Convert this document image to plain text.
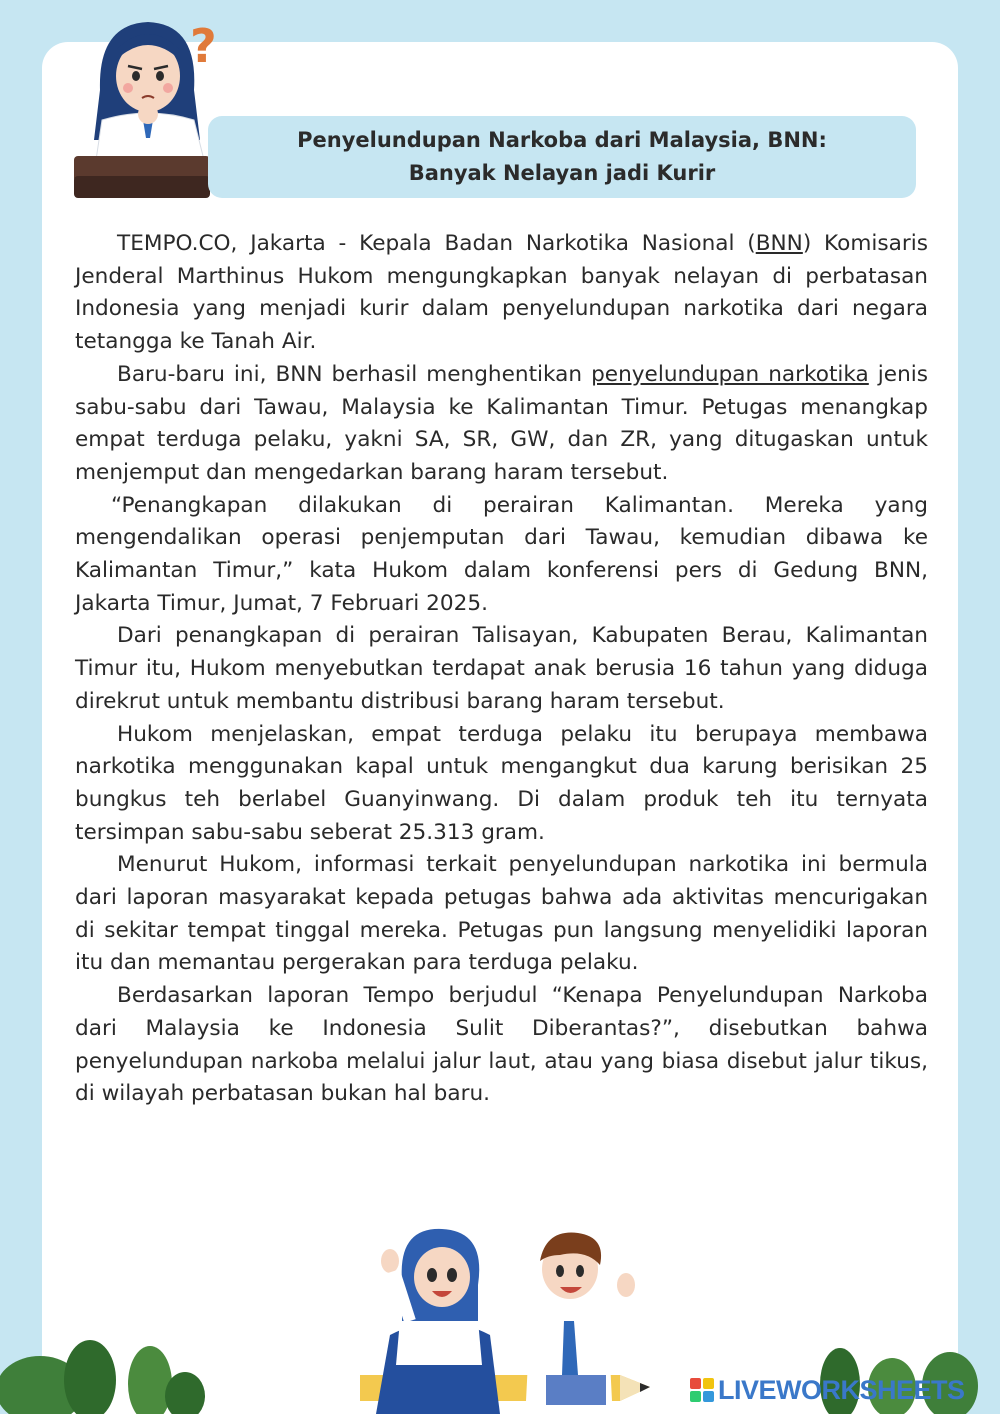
?
Penyelundupan Narkoba dari Malaysia, BNN:
Banyak Nelayan jadi Kurir

TEMPO.CO, Jakarta - Kepala Badan Narkotika Nasional (BNN) Komisaris Jenderal Marthinus Hukom mengungkapkan banyak nelayan di perbatasan Indonesia yang menjadi kurir dalam penyelundupan narkotika dari negara tetangga ke Tanah Air.

Baru-baru ini, BNN berhasil menghentikan penyelundupan narkotika jenis sabu-sabu dari Tawau, Malaysia ke Kalimantan Timur. Petugas menangkap empat terduga pelaku, yakni SA, SR, GW, dan ZR, yang ditugaskan untuk menjemput dan mengedarkan barang haram tersebut.

“Penangkapan dilakukan di perairan Kalimantan. Mereka yang mengendalikan operasi penjemputan dari Tawau, kemudian dibawa ke Kalimantan Timur,” kata Hukom dalam konferensi pers di Gedung BNN, Jakarta Timur, Jumat, 7 Februari 2025.

Dari penangkapan di perairan Talisayan, Kabupaten Berau, Kalimantan Timur itu, Hukom menyebutkan terdapat anak berusia 16 tahun yang diduga direkrut untuk membantu distribusi barang haram tersebut.

Hukom menjelaskan, empat terduga pelaku itu berupaya membawa narkotika menggunakan kapal untuk mengangkut dua karung berisikan 25 bungkus teh berlabel Guanyinwang. Di dalam produk teh itu ternyata tersimpan sabu-sabu seberat 25.313 gram.

Menurut Hukom, informasi terkait penyelundupan narkotika ini bermula dari laporan masyarakat kepada petugas bahwa ada aktivitas mencurigakan di sekitar tempat tinggal mereka. Petugas pun langsung menyelidiki laporan itu dan memantau pergerakan para terduga pelaku.

Berdasarkan laporan Tempo berjudul “Kenapa Penyelundupan Narkoba dari Malaysia ke Indonesia Sulit Diberantas?”, disebutkan bahwa penyelundupan narkoba melalui jalur laut, atau yang biasa disebut jalur tikus, di wilayah perbatasan bukan hal baru.

LIVEWORKSHEETS
